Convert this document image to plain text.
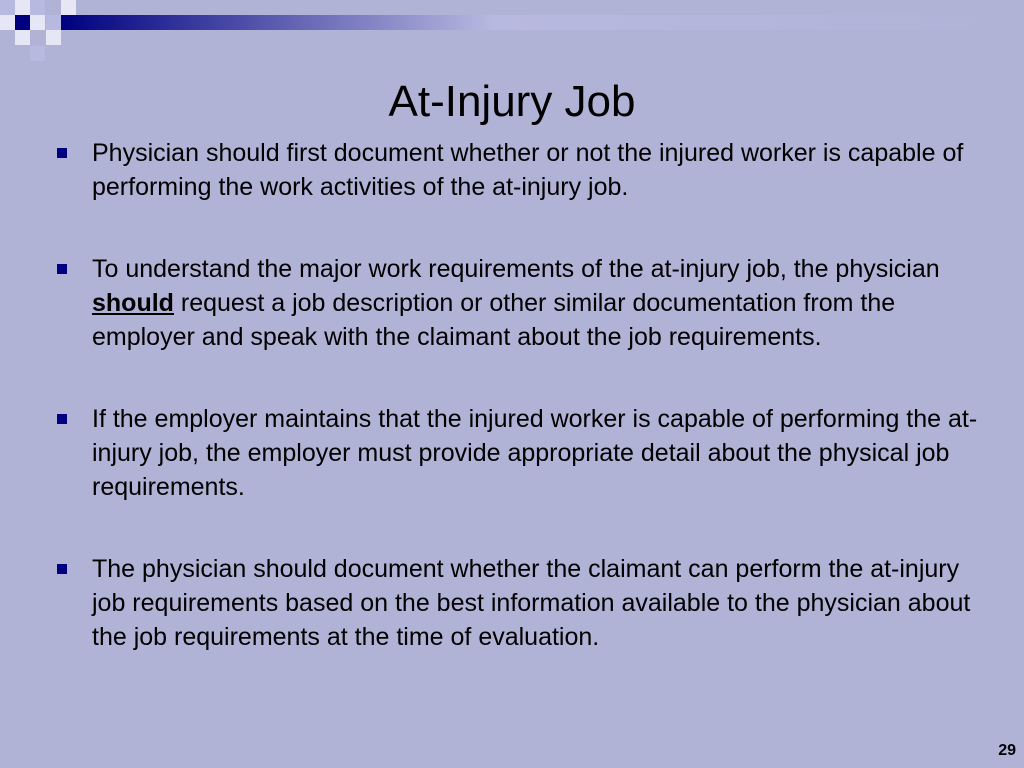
At-Injury Job
Physician should first document whether or not the injured worker is capable of performing the work activities of the at-injury job.
To understand the major work requirements of the at-injury job, the physician should request a job description or other similar documentation from the employer and speak with the claimant about the job requirements.
If the employer maintains that the injured worker is capable of performing the at-injury job, the employer must provide appropriate detail about the physical job requirements.
The physician should document whether the claimant can perform the at-injury job requirements based on the best information available to the physician about the job requirements at the time of evaluation.
29
